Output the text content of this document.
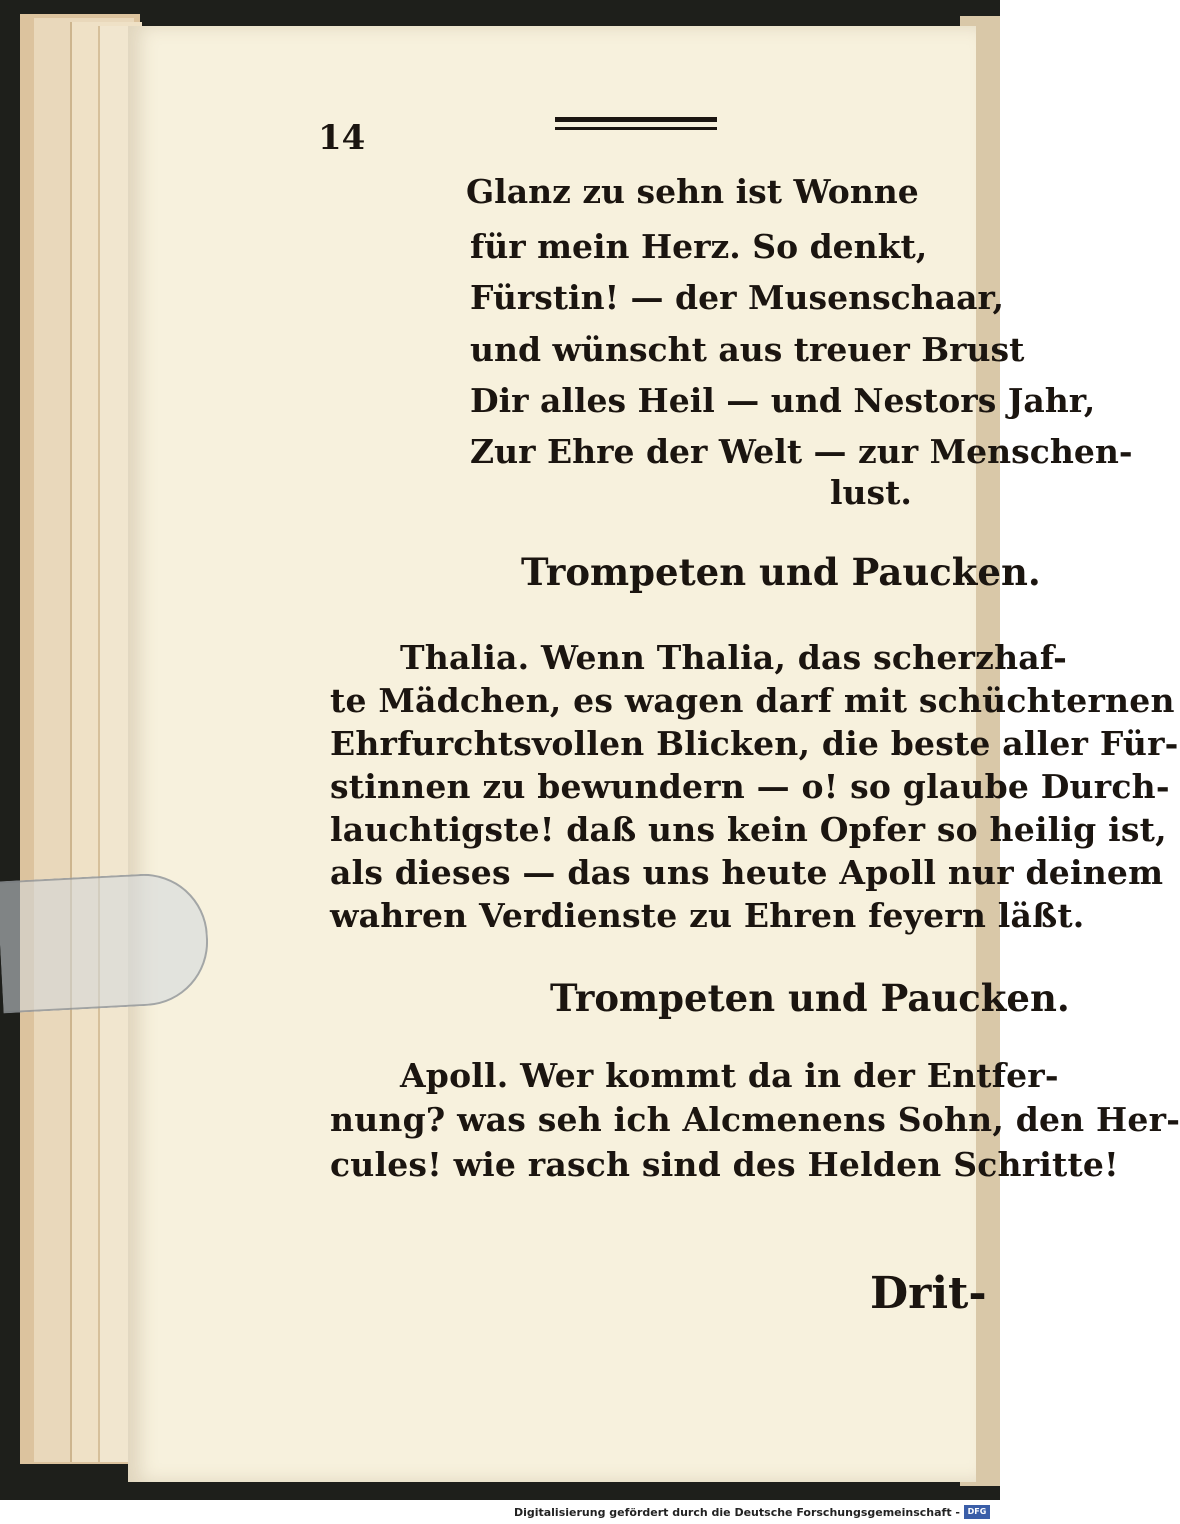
14
Glanz zu sehn ist Wonne
für mein Herz. So denkt,
Fürstin! — der Musenschaar,
und wünscht aus treuer Brust
Dir alles Heil — und Nestors Jahr,
Zur Ehre der Welt — zur Menschen-
lust.
Trompeten und Paucken.
Thalia. Wenn Thalia, das scherzhaf-
te Mädchen, es wagen darf mit schüchternen
Ehrfurchtsvollen Blicken, die beste aller Für-
stinnen zu bewundern — o! so glaube Durch-
lauchtigste! daß uns kein Opfer so heilig ist,
als dieses — das uns heute Apoll nur deinem
wahren Verdienste zu Ehren feyern läßt.
Trompeten und Paucken.
Apoll. Wer kommt da in der Entfer-
nung? was seh ich Alcmenens Sohn, den Her-
cules! wie rasch sind des Helden Schritte!
Drit-
Digitalisierung gefördert durch die Deutsche Forschungsgemeinschaft - DFG
